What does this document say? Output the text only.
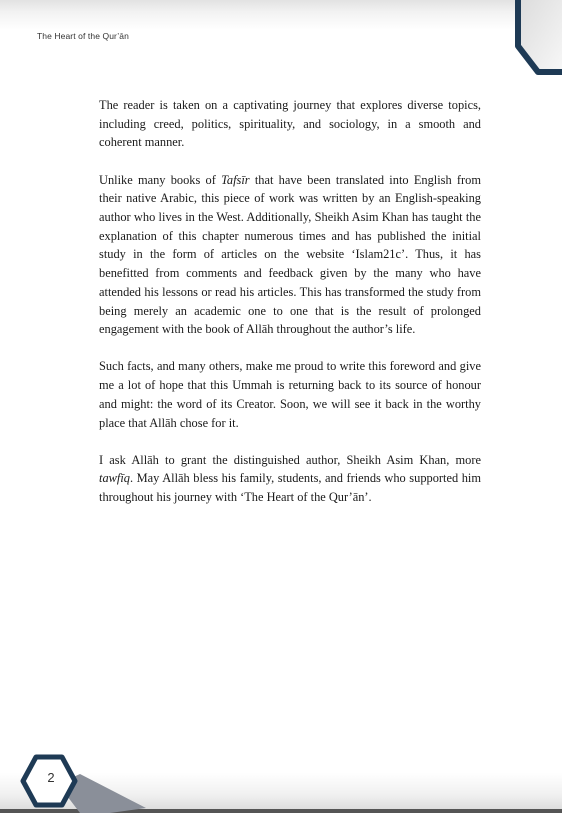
The Heart of the Qur’ān

The reader is taken on a captivating journey that explores diverse topics, including creed, politics, spirituality, and sociology, in a smooth and coherent manner.

Unlike many books of Tafsīr that have been translated into English from their native Arabic, this piece of work was written by an English-speaking author who lives in the West. Additionally, Sheikh Asim Khan has taught the explanation of this chapter numerous times and has published the initial study in the form of articles on the website ‘Islam21c’. Thus, it has benefitted from comments and feedback given by the many who have attended his lessons or read his articles. This has transformed the study from being merely an academic one to one that is the result of prolonged engagement with the book of Allāh throughout the author’s life.

Such facts, and many others, make me proud to write this foreword and give me a lot of hope that this Ummah is returning back to its source of honour and might: the word of its Creator. Soon, we will see it back in the worthy place that Allāh chose for it.

I ask Allāh to grant the distinguished author, Sheikh Asim Khan, more tawfīq. May Allāh bless his family, students, and friends who supported him throughout his journey with ‘The Heart of the Qur’ān’.

2
